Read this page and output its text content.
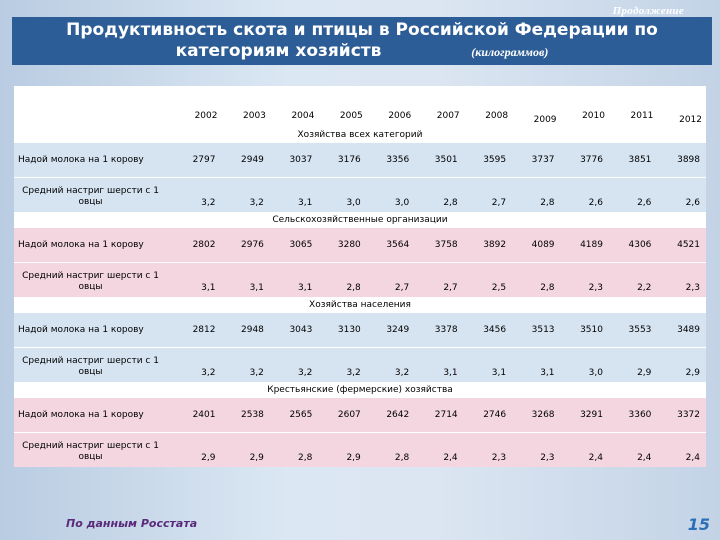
Продолжение
Продуктивность скота и птицы в Российской Федерации по
категориям хозяйств	(килограммов)
	2002	2003	2004	2005	2006	2007	2008	2009	2010	2011	2012
Хозяйства всех категорий											
Надой молока на 1 корову	2797	2949	3037	3176	3356	3501	3595	3737	3776	3851	3898
Средний настриг шерсти с 1 овцы	3,2	3,2	3,1	3,0	3,0	2,8	2,7	2,8	2,6	2,6	2,6
Сельскохозяйственные организации											
Надой молока на 1 корову	2802	2976	3065	3280	3564	3758	3892	4089	4189	4306	4521
Средний настриг шерсти с 1 овцы	3,1	3,1	3,1	2,8	2,7	2,7	2,5	2,8	2,3	2,2	2,3
Хозяйства населения											
Надой молока на 1 корову	2812	2948	3043	3130	3249	3378	3456	3513	3510	3553	3489
Средний настриг шерсти с 1 овцы	3,2	3,2	3,2	3,2	3,2	3,1	3,1	3,1	3,0	2,9	2,9
Крестьянские (фермерские) хозяйства											
Надой молока на 1 корову	2401	2538	2565	2607	2642	2714	2746	3268	3291	3360	3372
Средний настриг шерсти с 1 овцы	2,9	2,9	2,8	2,9	2,8	2,4	2,3	2,3	2,4	2,4	2,4
По данным Росстата	15
